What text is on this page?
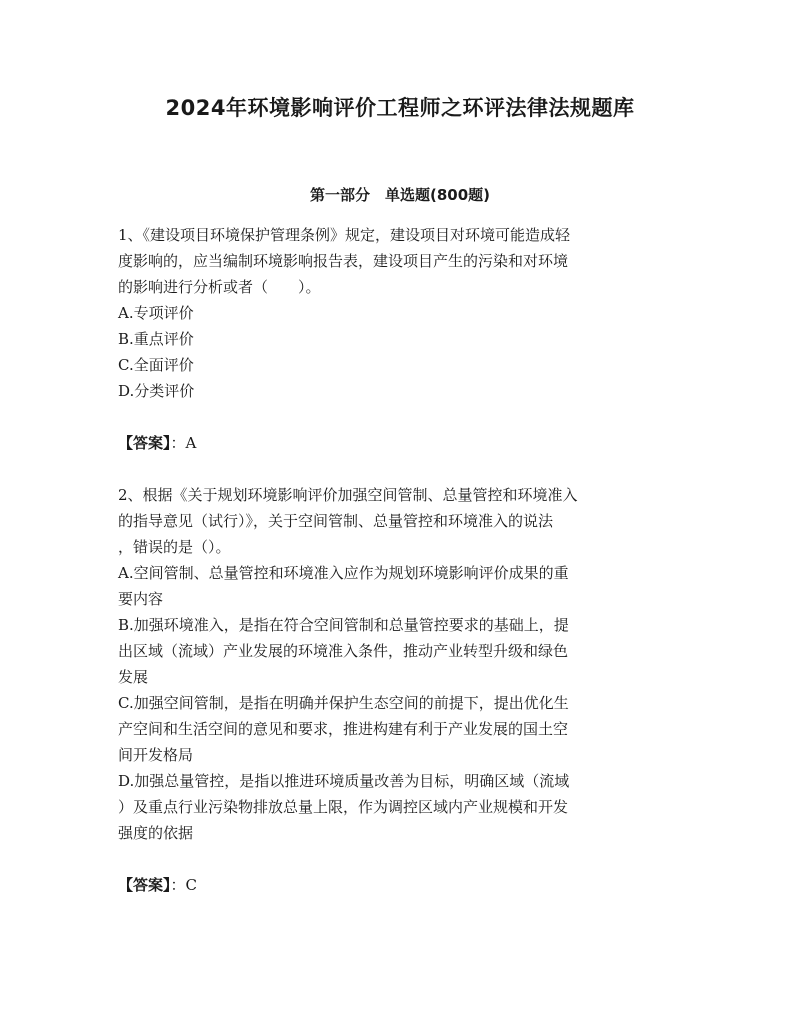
2024年环境影响评价工程师之环评法律法规题库
第一部分　单选题(800题)
1、《建设项目环境保护管理条例》规定，建设项目对环境可能造成轻
度影响的，应当编制环境影响报告表，建设项目产生的污染和对环境
的影响进行分析或者（　　）。
A.专项评价
B.重点评价
C.全面评价
D.分类评价
【答案】：A
2、根据《关于规划环境影响评价加强空间管制、总量管控和环境准入
的指导意见（试行）》，关于空间管制、总量管控和环境准入的说法
，错误的是（）。
A.空间管制、总量管控和环境准入应作为规划环境影响评价成果的重
要内容
B.加强环境准入，是指在符合空间管制和总量管控要求的基础上，提
出区域（流域）产业发展的环境准入条件，推动产业转型升级和绿色
发展
C.加强空间管制，是指在明确并保护生态空间的前提下，提出优化生
产空间和生活空间的意见和要求，推进构建有利于产业发展的国土空
间开发格局
D.加强总量管控，是指以推进环境质量改善为目标，明确区域（流域
）及重点行业污染物排放总量上限，作为调控区域内产业规模和开发
强度的依据
【答案】：C
